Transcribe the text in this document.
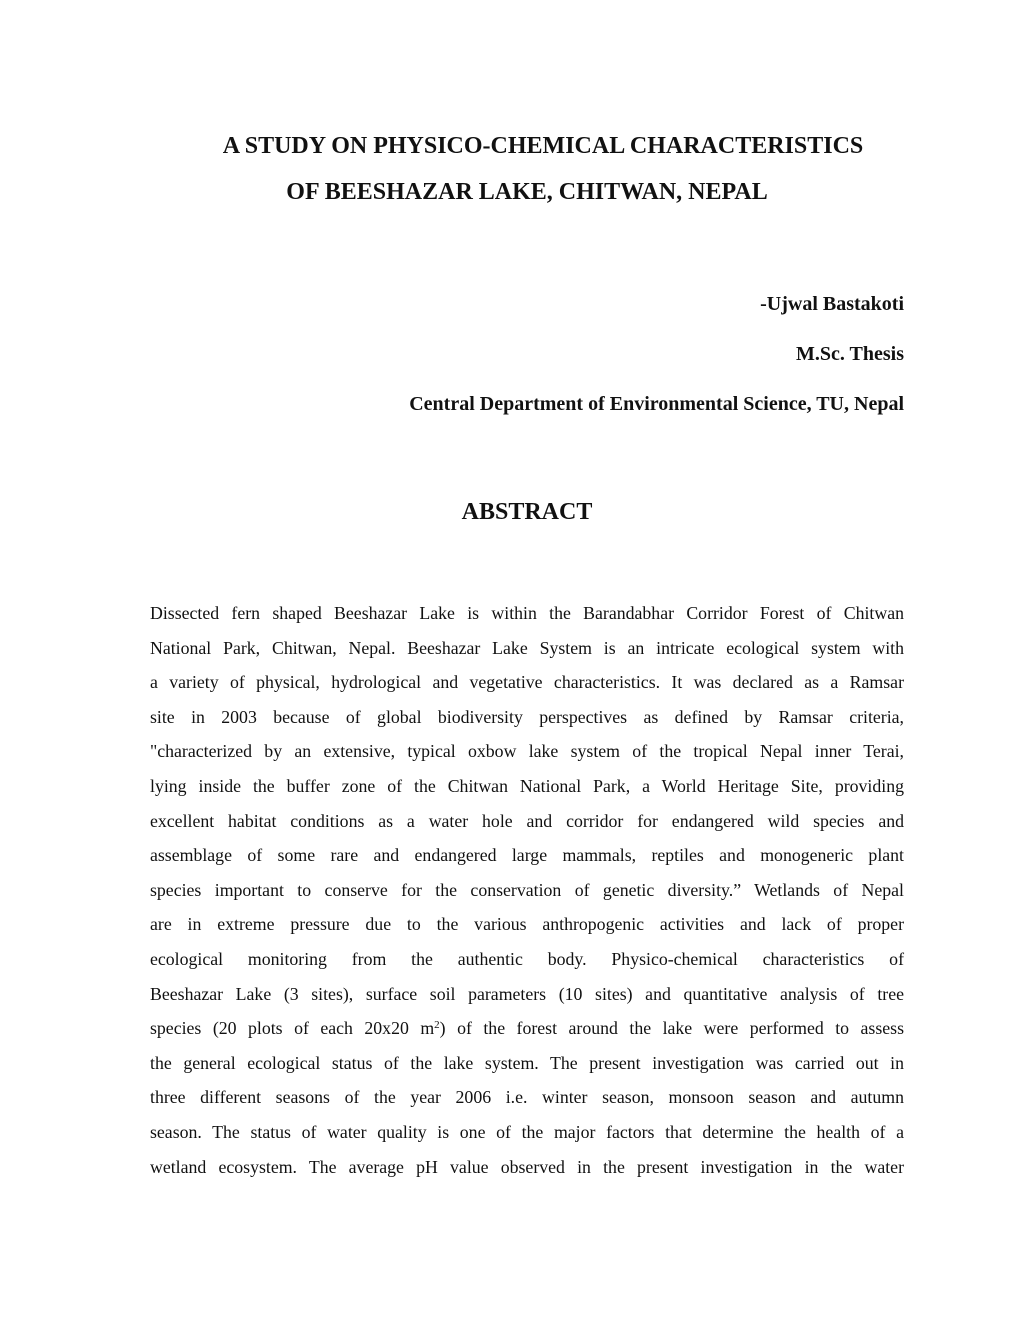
A STUDY ON PHYSICO-CHEMICAL CHARACTERISTICS
OF BEESHAZAR LAKE, CHITWAN, NEPAL
-Ujwal Bastakoti
M.Sc. Thesis
Central Department of Environmental Science, TU, Nepal
ABSTRACT
Dissected fern shaped Beeshazar Lake is within the Barandabhar Corridor Forest of Chitwan
National Park, Chitwan, Nepal. Beeshazar Lake System is an intricate ecological system with
a variety of physical, hydrological and vegetative characteristics. It was declared as a Ramsar
site in 2003 because of global biodiversity perspectives as defined by Ramsar criteria,
"characterized by an extensive, typical oxbow lake system of the tropical Nepal inner Terai,
lying inside the buffer zone of the Chitwan National Park, a World Heritage Site, providing
excellent habitat conditions as a water hole and corridor for endangered wild species and
assemblage of some rare and endangered large mammals, reptiles and monogeneric plant
species important to conserve for the conservation of genetic diversity.” Wetlands of Nepal
are in extreme pressure due to the various anthropogenic activities and lack of proper
ecological monitoring from the authentic body. Physico-chemical characteristics of
Beeshazar Lake (3 sites), surface soil parameters (10 sites) and quantitative analysis of tree
species (20 plots of each 20x20 $m^2$) of the forest around the lake were performed to assess
the general ecological status of the lake system. The present investigation was carried out in
three different seasons of the year 2006 i.e. winter season, monsoon season and autumn
season. The status of water quality is one of the major factors that determine the health of a
wetland ecosystem. The average pH value observed in the present investigation in the water
